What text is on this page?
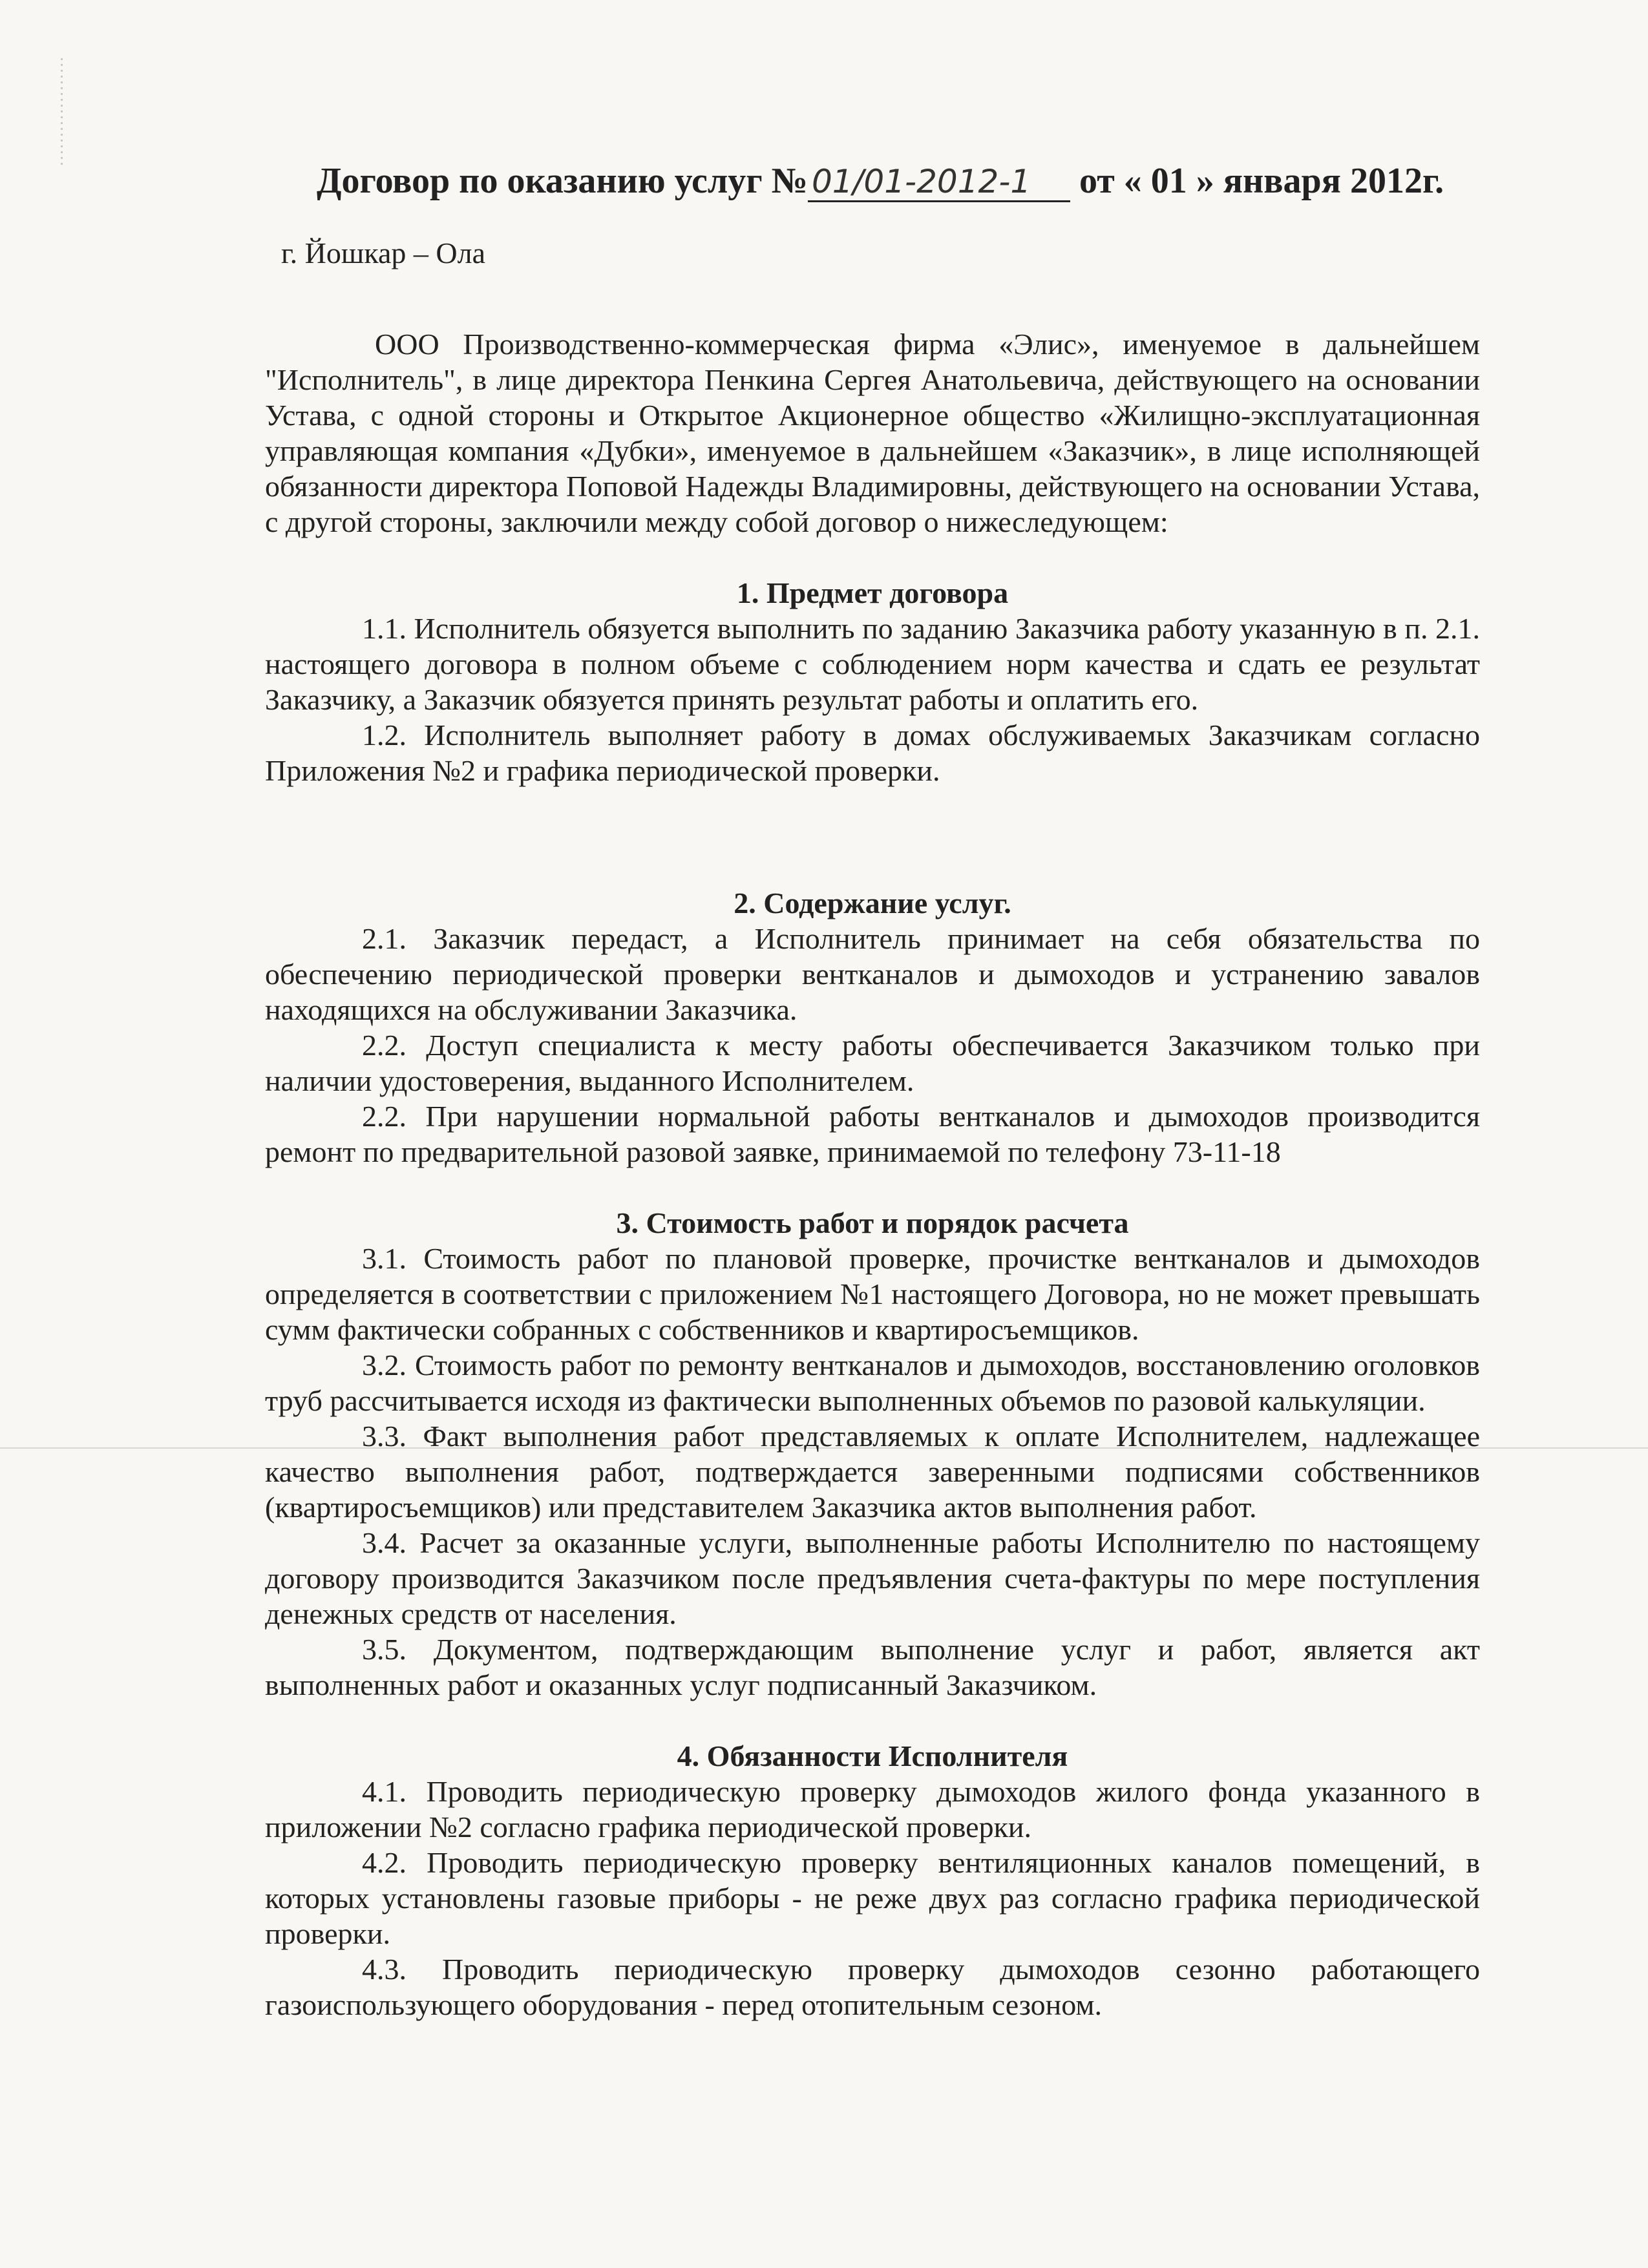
Договор по оказанию услуг № 01/01-2012-1 от « 01 » января 2012г.
г. Йошкар – Ола

ООО Производственно-коммерческая фирма «Элис», именуемое в дальнейшем "Исполнитель", в лице директора Пенкина Сергея Анатольевича, действующего на основании Устава, с одной стороны и Открытое Акционерное общество «Жилищно-эксплуатационная управляющая компания «Дубки», именуемое в дальнейшем «Заказчик», в лице исполняющей обязанности директора Поповой Надежды Владимировны, действующего на основании Устава, с другой стороны, заключили между собой договор о нижеследующем:

1. Предмет договора

1.1. Исполнитель обязуется выполнить по заданию Заказчика работу указанную в п. 2.1. настоящего договора в полном объеме с соблюдением норм качества и сдать ее результат Заказчику, а Заказчик обязуется принять результат работы и оплатить его.

1.2. Исполнитель выполняет работу в домах обслуживаемых Заказчикам согласно Приложения №2 и графика периодической проверки.

2. Содержание услуг.

2.1. Заказчик передаст, а Исполнитель принимает на себя обязательства по обеспечению периодической проверки вентканалов и дымоходов и устранению завалов находящихся на обслуживании Заказчика.

2.2. Доступ специалиста к месту работы обеспечивается Заказчиком только при наличии удостоверения, выданного Исполнителем.

2.2. При нарушении нормальной работы вентканалов и дымоходов производится ремонт по предварительной разовой заявке, принимаемой по телефону 73-11-18

3. Стоимость работ и порядок расчета

3.1. Стоимость работ по плановой проверке, прочистке вентканалов и дымоходов определяется в соответствии с приложением №1 настоящего Договора, но не может превышать сумм фактически собранных с собственников и квартиросъемщиков.

3.2. Стоимость работ по ремонту вентканалов и дымоходов, восстановлению оголовков труб рассчитывается исходя из фактически выполненных объемов по разовой калькуляции.

3.3. Факт выполнения работ представляемых к оплате Исполнителем, надлежащее качество выполнения работ, подтверждается заверенными подписями собственников (квартиросъемщиков) или представителем Заказчика актов выполнения работ.

3.4. Расчет за оказанные услуги, выполненные работы Исполнителю по настоящему договору производится Заказчиком после предъявления счета-фактуры по мере поступления денежных средств от населения.

3.5. Документом, подтверждающим выполнение услуг и работ, является акт выполненных работ и оказанных услуг подписанный Заказчиком.

4. Обязанности Исполнителя

4.1. Проводить периодическую проверку дымоходов жилого фонда указанного в приложении №2 согласно графика периодической проверки.

4.2. Проводить периодическую проверку вентиляционных каналов помещений, в которых установлены газовые приборы - не реже двух раз согласно графика периодической проверки.

4.3. Проводить периодическую проверку дымоходов сезонно работающего газоиспользующего оборудования - перед отопительным сезоном.
